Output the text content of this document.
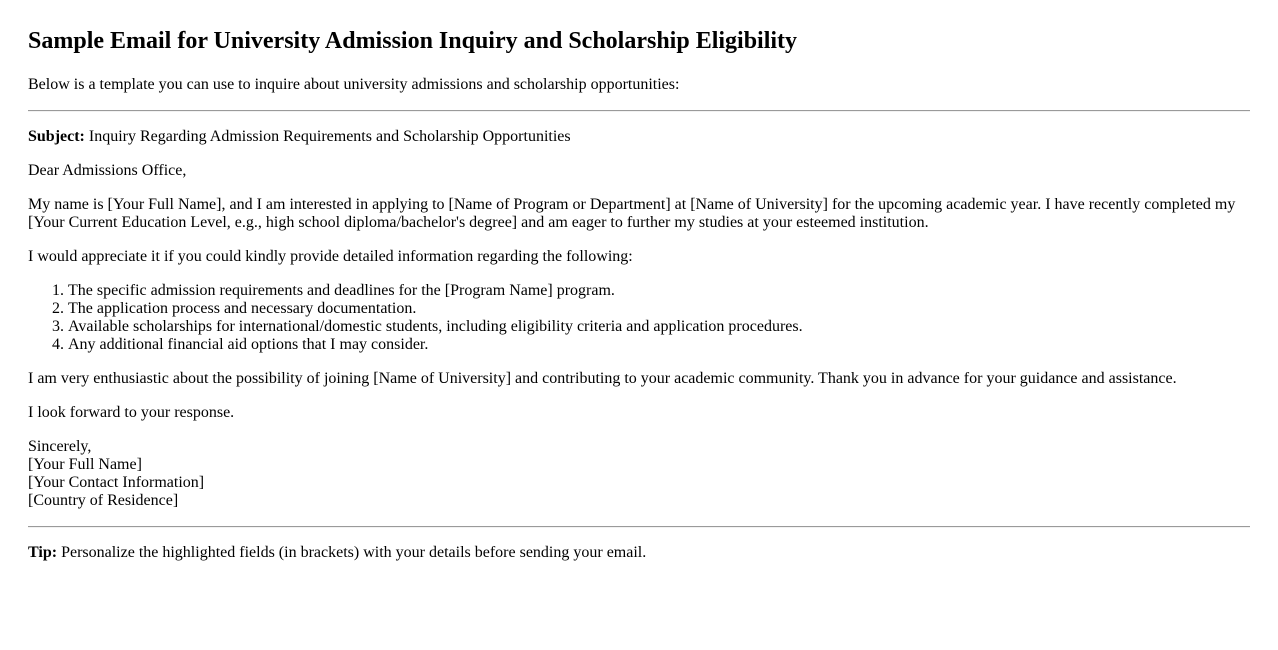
Sample Email for University Admission Inquiry and Scholarship Eligibility

Below is a template you can use to inquire about university admissions and scholarship opportunities:

Subject: Inquiry Regarding Admission Requirements and Scholarship Opportunities

Dear Admissions Office,

My name is [Your Full Name], and I am interested in applying to [Name of Program or Department] at [Name of University] for the upcoming academic year. I have recently completed my [Your Current Education Level, e.g., high school diploma/bachelor's degree] and am eager to further my studies at your esteemed institution.

I would appreciate it if you could kindly provide detailed information regarding the following:

1. The specific admission requirements and deadlines for the [Program Name] program.
2. The application process and necessary documentation.
3. Available scholarships for international/domestic students, including eligibility criteria and application procedures.
4. Any additional financial aid options that I may consider.

I am very enthusiastic about the possibility of joining [Name of University] and contributing to your academic community. Thank you in advance for your guidance and assistance.

I look forward to your response.

Sincerely,
[Your Full Name]
[Your Contact Information]
[Country of Residence]

Tip: Personalize the highlighted fields (in brackets) with your details before sending your email.
